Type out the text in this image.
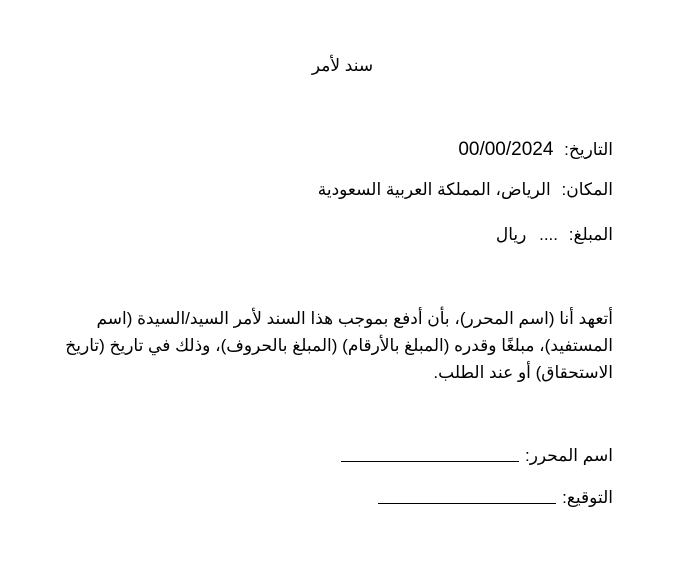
سند لأمر
التاريخ: 00/00/2024
المكان: الرياض، المملكة العربية السعودية
المبلغ: .... ريال
أتعهد أنا (اسم المحرر)، بأن أدفع بموجب هذا السند لأمر السيد/السيدة (اسم المستفيد)، مبلغًا وقدره (المبلغ بالأرقام) (المبلغ بالحروف)، وذلك في تاريخ (تاريخ الاستحقاق) أو عند الطلب.
اسم المحرر:
التوقيع:
